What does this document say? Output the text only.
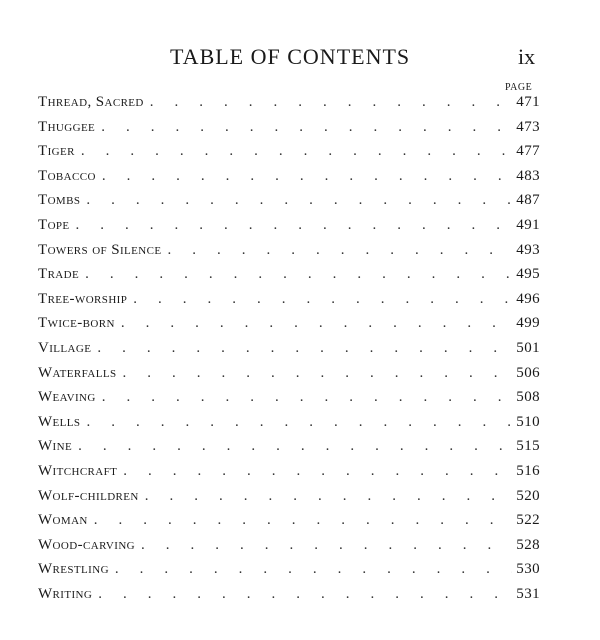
TABLE OF CONTENTS	ix
PAGE
Thread, Sacred .....	471
Thuggee .....	473
Tiger .....	477
Tobacco .....	483
Tombs .....	487
Tope .....	491
Towers of Silence .....	493
Trade .....	495
Tree-worship .....	496
Twice-born .....	499
Village .....	501
Waterfalls .....	506
Weaving .....	508
Wells .....	510
Wine .....	515
Witchcraft .....	516
Wolf-children .....	520
Woman .....	522
Wood-carving .....	528
Wrestling .....	530
Writing .....	531
